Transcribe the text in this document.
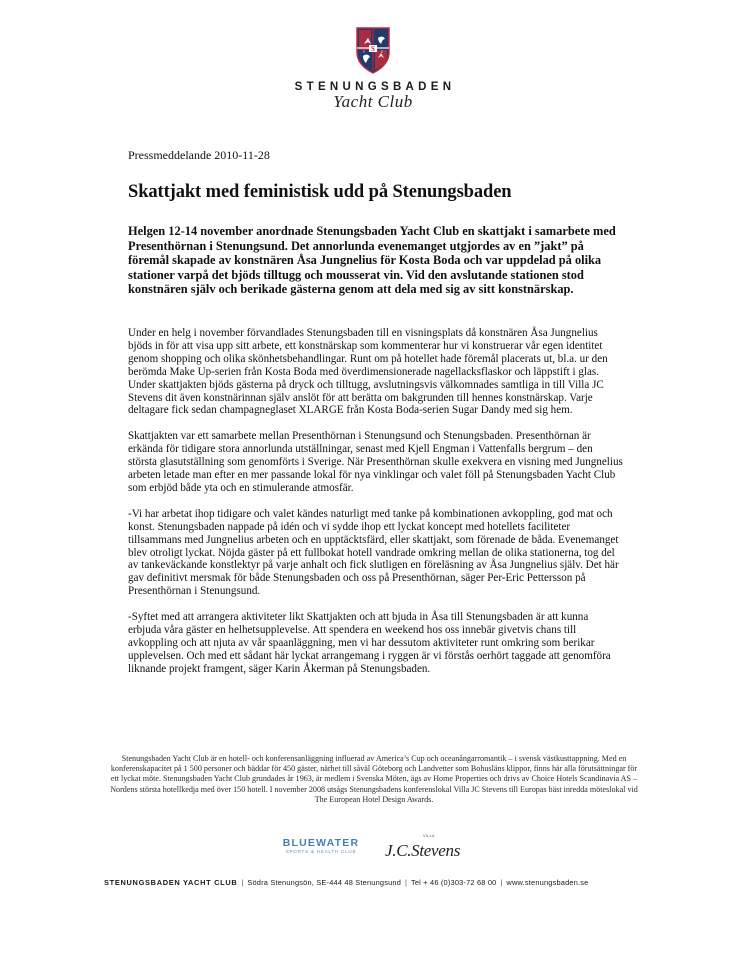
S
Y	C
STENUNGSBADEN
Yacht Club

Pressmeddelande 2010-11-28

Skattjakt med feministisk udd på Stenungsbaden

Helgen 12-14 november anordnade Stenungsbaden Yacht Club en skattjakt i samarbete med Presenthörnan i Stenungsund. Det annorlunda evenemanget utgjordes av en ”jakt” på föremål skapade av konstnären Åsa Jungnelius för Kosta Boda och var uppdelad på olika stationer varpå det bjöds tilltugg och mousserat vin. Vid den avslutande stationen stod konstnären själv och berikade gästerna genom att dela med sig av sitt konstnärskap.

Under en helg i november förvandlades Stenungsbaden till en visningsplats då konstnären Åsa Jungnelius bjöds in för att visa upp sitt arbete, ett konstnärskap som kommenterar hur vi konstruerar vår egen identitet genom shopping och olika skönhetsbehandlingar. Runt om på hotellet hade föremål placerats ut, bl.a. ur den berömda Make Up-serien från Kosta Boda med överdimensionerade nagellacksflaskor och läppstift i glas. Under skattjakten bjöds gästerna på dryck och tilltugg, avslutningsvis välkomnades samtliga in till Villa JC Stevens dit även konstnärinnan själv anslöt för att berätta om bakgrunden till hennes konstnärskap. Varje deltagare fick sedan champagneglaset XLARGE från Kosta Boda-serien Sugar Dandy med sig hem.

Skattjakten var ett samarbete mellan Presenthörnan i Stenungsund och Stenungsbaden. Presenthörnan är erkända för tidigare stora annorlunda utställningar, senast med Kjell Engman i Vattenfalls bergrum – den största glasutställning som genomförts i Sverige. När Presenthörnan skulle exekvera en visning med Jungnelius arbeten letade man efter en mer passande lokal för nya vinklingar och valet föll på Stenungsbaden Yacht Club som erbjöd både yta och en stimulerande atmosfär.

-Vi har arbetat ihop tidigare och valet kändes naturligt med tanke på kombinationen avkoppling, god mat och konst. Stenungsbaden nappade på idén och vi sydde ihop ett lyckat koncept med hotellets faciliteter tillsammans med Jungnelius arbeten och en upptäcktsfärd, eller skattjakt, som förenade de båda. Evenemanget blev otroligt lyckat. Nöjda gäster på ett fullbokat hotell vandrade omkring mellan de olika stationerna, tog del av tankeväckande konstlektyr på varje anhalt och fick slutligen en föreläsning av Åsa Jungnelius själv. Det här gav definitivt mersmak för både Stenungsbaden och oss på Presenthörnan, säger Per-Eric Pettersson på Presenthörnan i Stenungsund.

-Syftet med att arrangera aktiviteter likt Skattjakten och att bjuda in Åsa till Stenungsbaden är att kunna erbjuda våra gäster en helhetsupplevelse. Att spendera en weekend hos oss innebär givetvis chans till avkoppling och att njuta av vår spaanläggning, men vi har dessutom aktiviteter runt omkring som berikar upplevelsen. Och med ett sådant här lyckat arrangemang i ryggen är vi förstås oerhört taggade att genomföra liknande projekt framgent, säger Karin Åkerman på Stenungsbaden.

Stenungsbaden Yacht Club är en hotell- och konferensanläggning influerad av America’s Cup och oceanångarromantik – i svensk västkusttappning. Med en konferenskapacitet på 1 500 personer och bäddar för 450 gäster, närhet till såväl Göteborg och Landvetter som Bohusläns klippor, finns här alla förutsättningar för ett lyckat möte. Stenungsbaden Yacht Club grundades år 1963, är medlem i Svenska Möten, ägs av Home Properties och drivs av Choice Hotels Scandinavia AS – Nordens största hotellkedja med över 150 hotell. I november 2008 utsågs Stenungsbadens konferenslokal Villa JC Stevens till Europas bäst inredda möteslokal vid The European Hotel Design Awards.

BLUEWATER
SPORTS & HEALTH CLUB
VILLA
J.C.Stevens
STENUNGSBADEN YACHT CLUB | Södra Stenungsön, SE-444 48 Stenungsund | Tel + 46 (0)303-72 68 00 | www.stenungsbaden.se
